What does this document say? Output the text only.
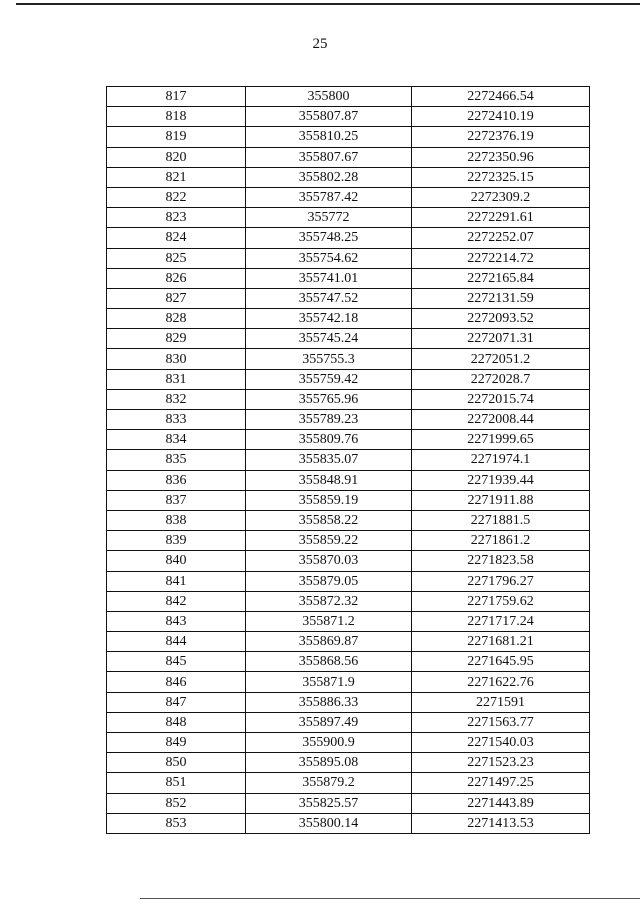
25
817	355800	2272466.54
818	355807.87	2272410.19
819	355810.25	2272376.19
820	355807.67	2272350.96
821	355802.28	2272325.15
822	355787.42	2272309.2
823	355772	2272291.61
824	355748.25	2272252.07
825	355754.62	2272214.72
826	355741.01	2272165.84
827	355747.52	2272131.59
828	355742.18	2272093.52
829	355745.24	2272071.31
830	355755.3	2272051.2
831	355759.42	2272028.7
832	355765.96	2272015.74
833	355789.23	2272008.44
834	355809.76	2271999.65
835	355835.07	2271974.1
836	355848.91	2271939.44
837	355859.19	2271911.88
838	355858.22	2271881.5
839	355859.22	2271861.2
840	355870.03	2271823.58
841	355879.05	2271796.27
842	355872.32	2271759.62
843	355871.2	2271717.24
844	355869.87	2271681.21
845	355868.56	2271645.95
846	355871.9	2271622.76
847	355886.33	2271591
848	355897.49	2271563.77
849	355900.9	2271540.03
850	355895.08	2271523.23
851	355879.2	2271497.25
852	355825.57	2271443.89
853	355800.14	2271413.53
